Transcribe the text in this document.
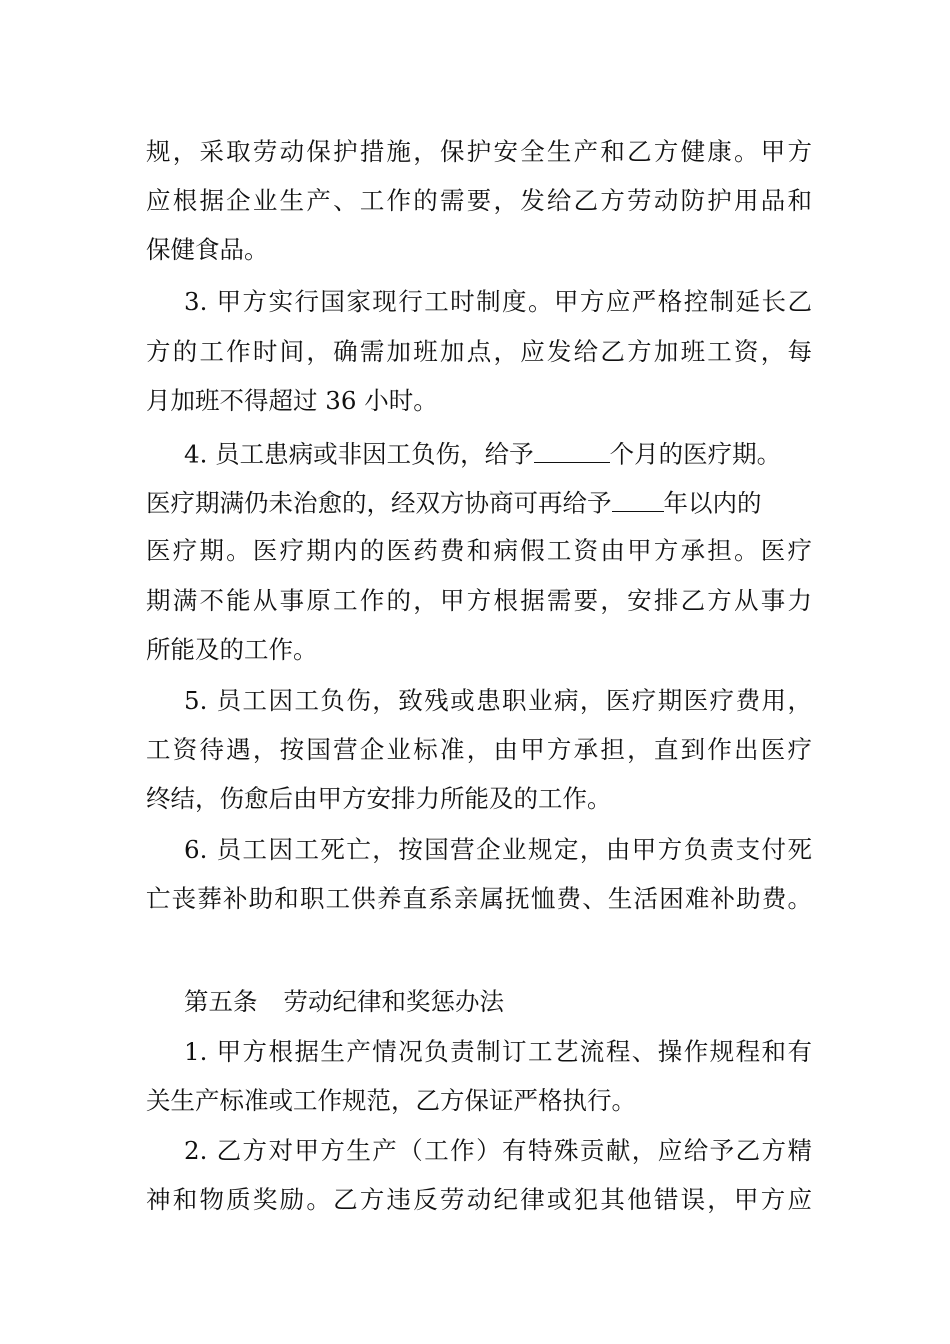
规，采取劳动保护措施，保护安全生产和乙方健康。甲方
应根据企业生产、工作的需要，发给乙方劳动防护用品和
保健食品。
3. 甲方实行国家现行工时制度。甲方应严格控制延长乙
方的工作时间，确需加班加点，应发给乙方加班工资，每
月加班不得超过 36 小时。
4. 员工患病或非因工负伤，给予	个月的医疗期。
医疗期满仍未治愈的，经双方协商可再给予 年以内的
医疗期。医疗期内的医药费和病假工资由甲方承担。医疗
期满不能从事原工作的，甲方根据需要，安排乙方从事力
所能及的工作。
5. 员工因工负伤，致残或患职业病，医疗期医疗费用，
工资待遇，按国营企业标准，由甲方承担，直到作出医疗
终结，伤愈后由甲方安排力所能及的工作。
6. 员工因工死亡，按国营企业规定，由甲方负责支付死
亡丧葬补助和职工供养直系亲属抚恤费、生活困难补助费。
第五条 劳动纪律和奖惩办法
1. 甲方根据生产情况负责制订工艺流程、操作规程和有
关生产标准或工作规范，乙方保证严格执行。
2. 乙方对甲方生产（工作）有特殊贡献，应给予乙方精
神和物质奖励。乙方违反劳动纪律或犯其他错误，甲方应
